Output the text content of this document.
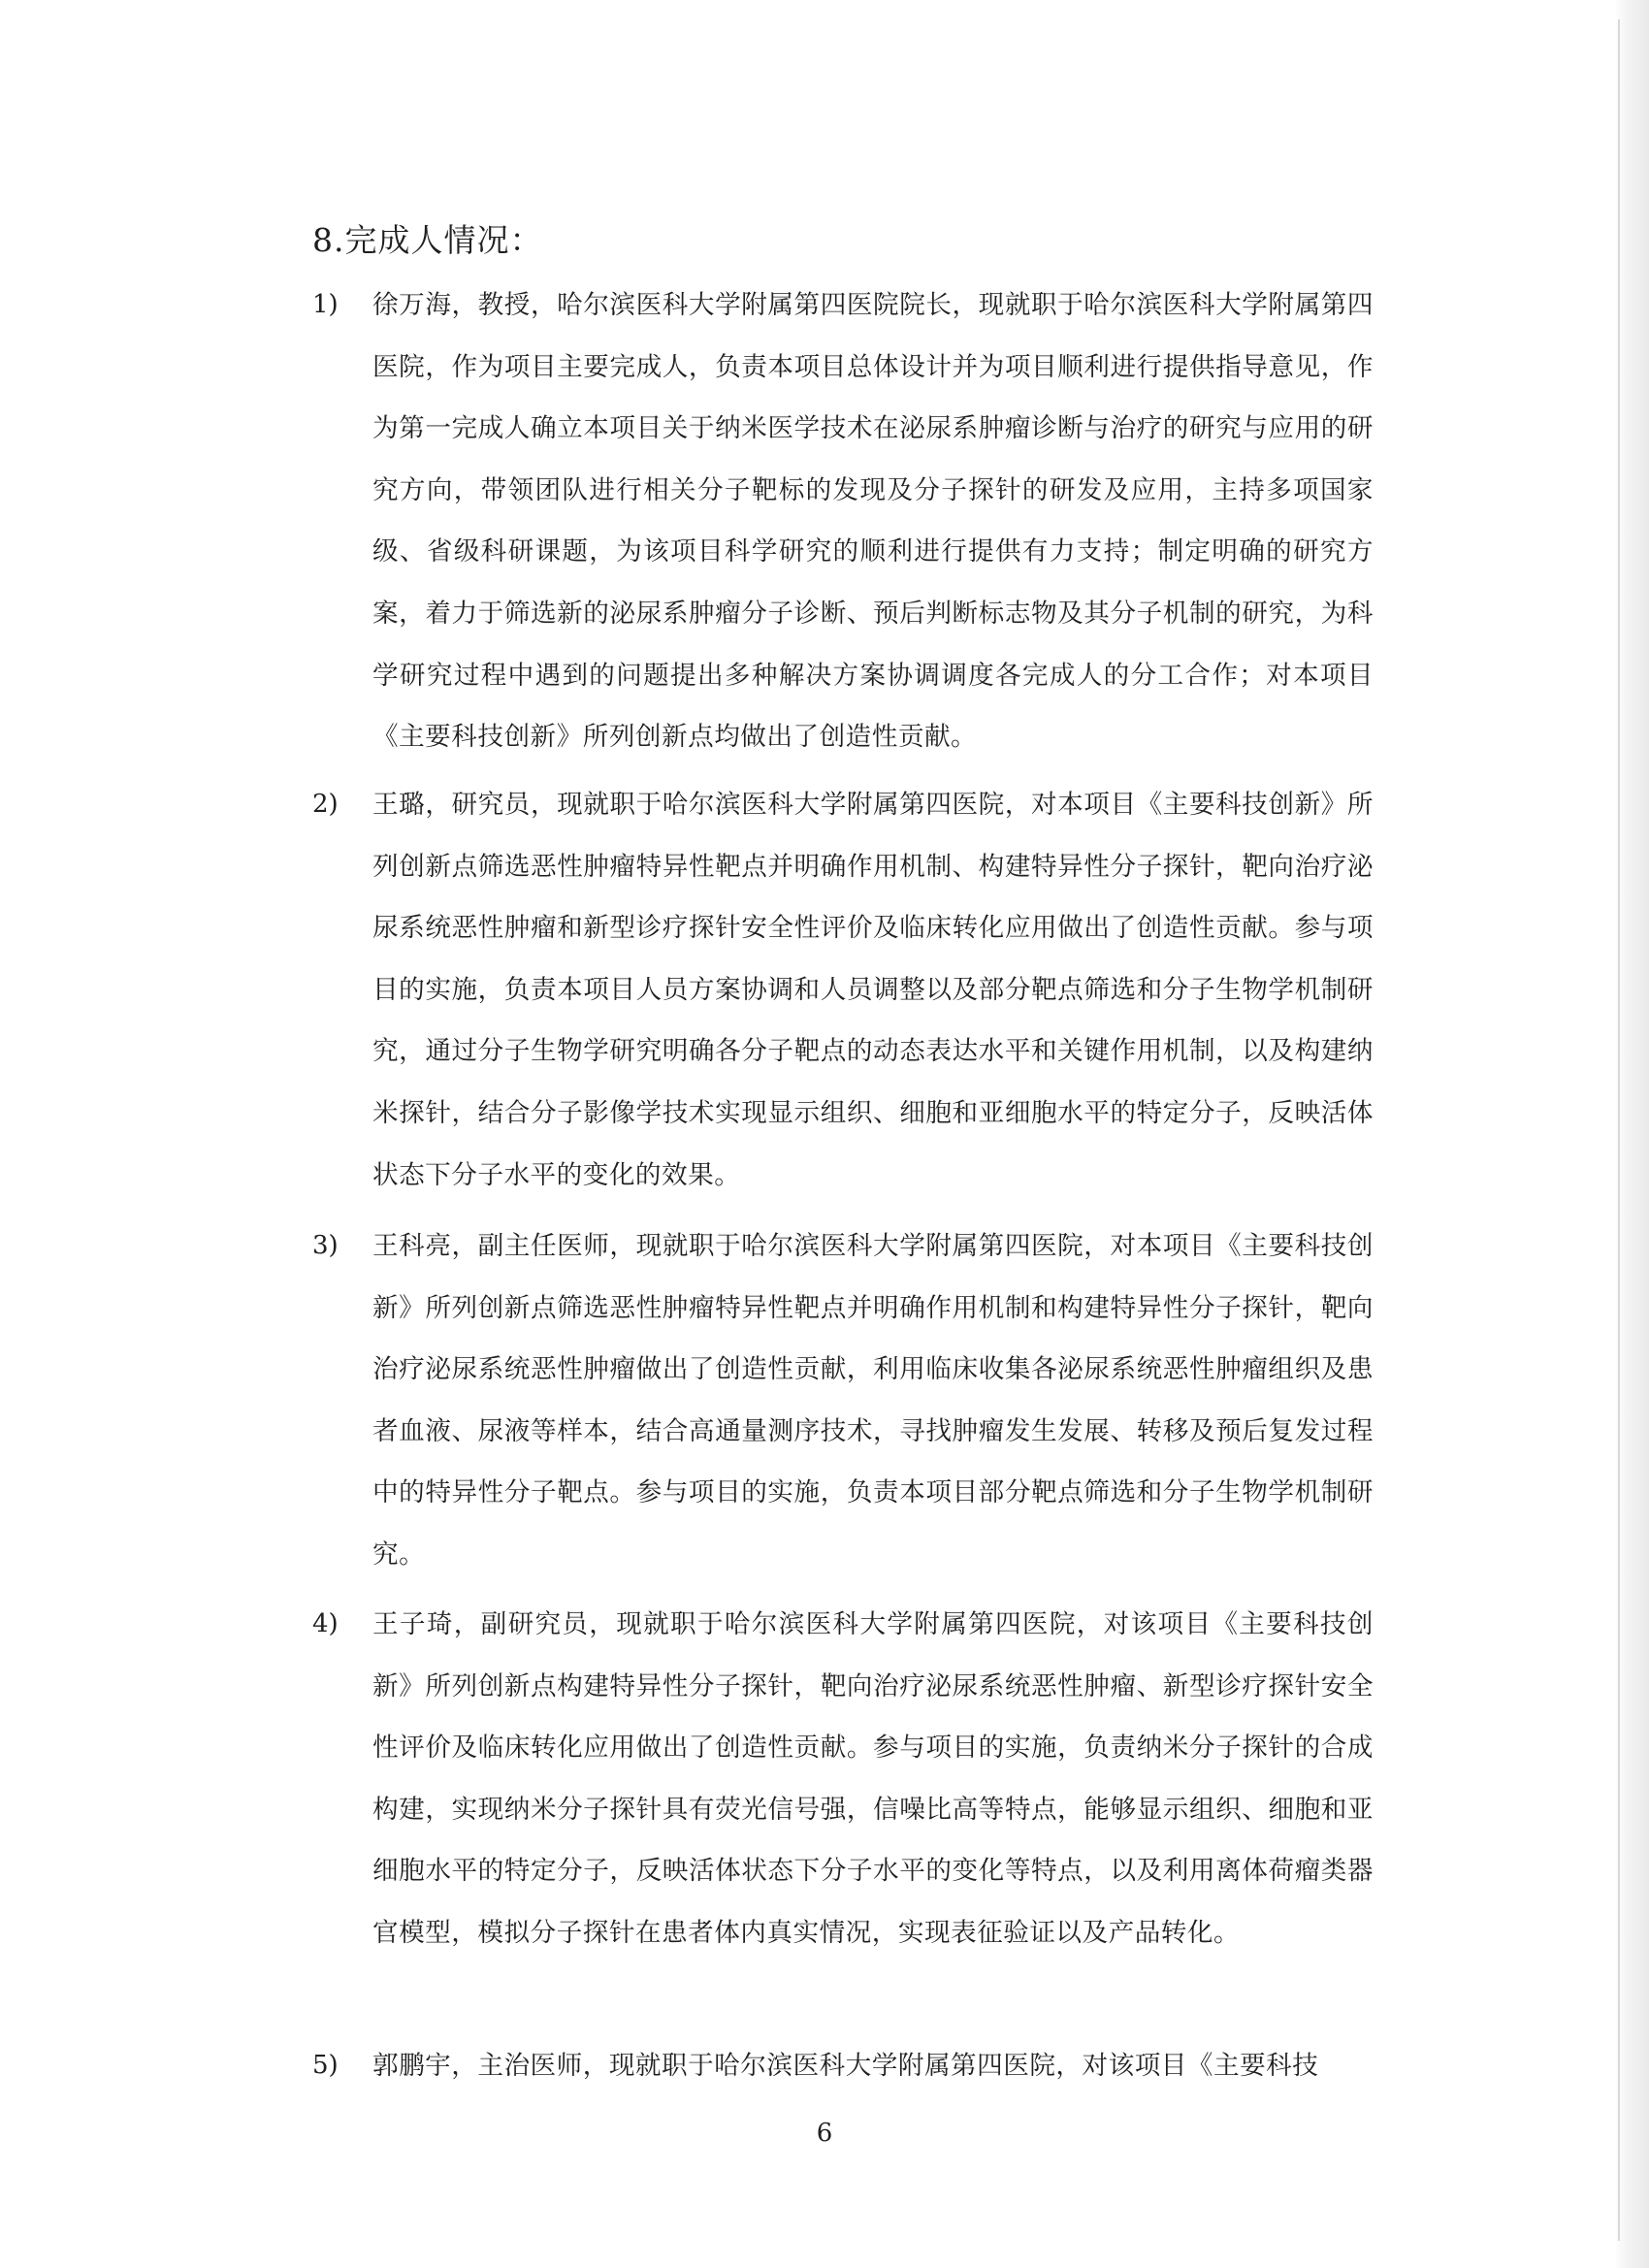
8.完成人情况：
1)	徐万海，教授，哈尔滨医科大学附属第四医院院长，现就职于哈尔滨医科大学附属第四医院，作为项目主要完成人，负责本项目总体设计并为项目顺利进行提供指导意见，作为第一完成人确立本项目关于纳米医学技术在泌尿系肿瘤诊断与治疗的研究与应用的研究方向，带领团队进行相关分子靶标的发现及分子探针的研发及应用，主持多项国家级、省级科研课题，为该项目科学研究的顺利进行提供有力支持；制定明确的研究方案，着力于筛选新的泌尿系肿瘤分子诊断、预后判断标志物及其分子机制的研究，为科学研究过程中遇到的问题提出多种解决方案协调调度各完成人的分工合作；对本项目《主要科技创新》所列创新点均做出了创造性贡献。

2)	王璐，研究员，现就职于哈尔滨医科大学附属第四医院，对本项目《主要科技创新》所列创新点筛选恶性肿瘤特异性靶点并明确作用机制、构建特异性分子探针，靶向治疗泌尿系统恶性肿瘤和新型诊疗探针安全性评价及临床转化应用做出了创造性贡献。参与项目的实施，负责本项目人员方案协调和人员调整以及部分靶点筛选和分子生物学机制研究，通过分子生物学研究明确各分子靶点的动态表达水平和关键作用机制，以及构建纳米探针，结合分子影像学技术实现显示组织、细胞和亚细胞水平的特定分子，反映活体状态下分子水平的变化的效果。

3)	王科亮，副主任医师，现就职于哈尔滨医科大学附属第四医院，对本项目《主要科技创新》所列创新点筛选恶性肿瘤特异性靶点并明确作用机制和构建特异性分子探针，靶向治疗泌尿系统恶性肿瘤做出了创造性贡献，利用临床收集各泌尿系统恶性肿瘤组织及患者血液、尿液等样本，结合高通量测序技术，寻找肿瘤发生发展、转移及预后复发过程中的特异性分子靶点。参与项目的实施，负责本项目部分靶点筛选和分子生物学机制研究。

4)	王子琦，副研究员，现就职于哈尔滨医科大学附属第四医院，对该项目《主要科技创新》所列创新点构建特异性分子探针，靶向治疗泌尿系统恶性肿瘤、新型诊疗探针安全性评价及临床转化应用做出了创造性贡献。参与项目的实施，负责纳米分子探针的合成构建，实现纳米分子探针具有荧光信号强，信噪比高等特点，能够显示组织、细胞和亚细胞水平的特定分子，反映活体状态下分子水平的变化等特点，以及利用离体荷瘤类器官模型，模拟分子探针在患者体内真实情况，实现表征验证以及产品转化。

5)	郭鹏宇，主治医师，现就职于哈尔滨医科大学附属第四医院，对该项目《主要科技

6
